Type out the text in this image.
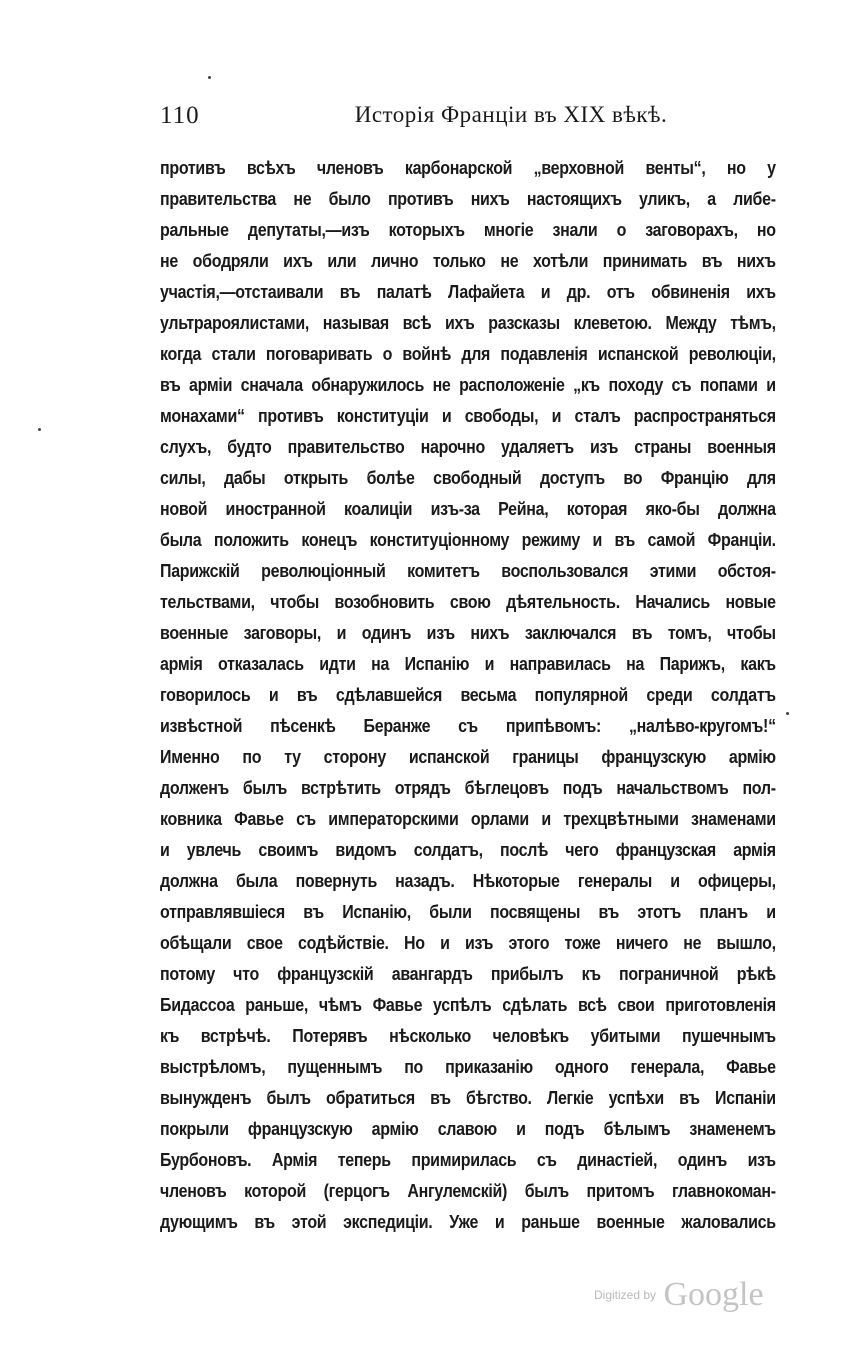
110	Исторія Франціи въ XIX вѣкѣ.
противъ всѣхъ членовъ карбонарской „верховной венты“, но у
правительства не было противъ нихъ настоящихъ уликъ, а либе-
ральные депутаты,—изъ которыхъ многіе знали о заговорахъ, но
не ободряли ихъ или лично только не хотѣли принимать въ нихъ
участія,—отстаивали въ палатѣ Лафайета и др. отъ обвиненія ихъ
ультрароялистами, называя всѣ ихъ разсказы клеветою. Между тѣмъ,
когда стали поговаривать о войнѣ для подавленія испанской революціи,
въ арміи сначала обнаружилось не расположеніе „къ походу съ попами и
монахами“ противъ конституціи и свободы, и сталъ распространяться
слухъ, будто правительство нарочно удаляетъ изъ страны военныя
силы, дабы открыть болѣе свободный доступъ во Францію для
новой иностранной коалиціи изъ-за Рейна, которая яко-бы должна
была положить конецъ конституціонному режиму и въ самой Франціи.
Парижскій революціонный комитетъ воспользовался этими обстоя-
тельствами, чтобы возобновить свою дѣятельность. Начались новые
военные заговоры, и одинъ изъ нихъ заключался въ томъ, чтобы
армія отказалась идти на Испанію и направилась на Парижъ, какъ
говорилось и въ сдѣлавшейся весьма популярной среди солдатъ
извѣстной пѣсенкѣ Беранже съ припѣвомъ: „налѣво-кругомъ!“
Именно по ту сторону испанской границы французскую армію
долженъ былъ встрѣтить отрядъ бѣглецовъ подъ начальствомъ пол-
ковника Фавье съ императорскими орлами и трехцвѣтными знаменами
и увлечь своимъ видомъ солдатъ, послѣ чего французская армія
должна была повернуть назадъ. Нѣкоторые генералы и офицеры,
отправлявшіеся въ Испанію, были посвящены въ этотъ планъ и
обѣщали свое содѣйствіе. Но и изъ этого тоже ничего не вышло,
потому что французскій авангардъ прибылъ къ пограничной рѣкѣ
Бидассоа раньше, чѣмъ Фавье успѣлъ сдѣлать всѣ свои приготовленія
къ встрѣчѣ. Потерявъ нѣсколько человѣкъ убитыми пушечнымъ
выстрѣломъ, пущеннымъ по приказанію одного генерала, Фавье
вынужденъ былъ обратиться въ бѣгство. Легкіе успѣхи въ Испаніи
покрыли французскую армію славою и подъ бѣлымъ знаменемъ
Бурбоновъ. Армія теперь примирилась съ династіей, одинъ изъ
членовъ которой (герцогъ Ангулемскій) былъ притомъ главнокоман-
дующимъ въ этой экспедиціи. Уже и раньше военные жаловались
Digitized by Google
